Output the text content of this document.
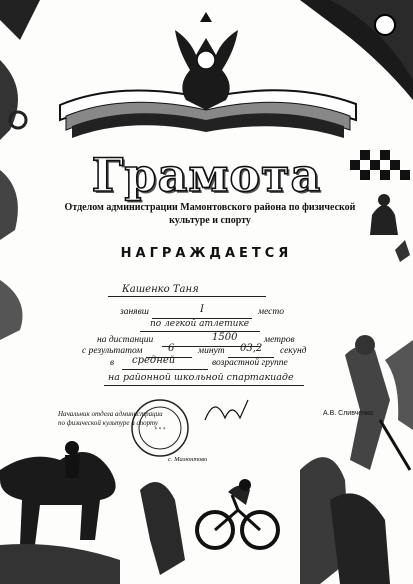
* * *
Грамота
Отделом администрации Мамонтовского района по физической культуре и спорту
НАГРАЖДАЕТСЯ
Кашенко Таня
занявш	I	место
по легкой атлетике
на дистанции	1500	метров
с результатом	6 минут 03,2 секунд
в средней	возрастной группе
на районной школьной спартакиаде
Начальник отдела администрации по физической культуре и спорту
А.В. Сливченко
с. Мамонтово
